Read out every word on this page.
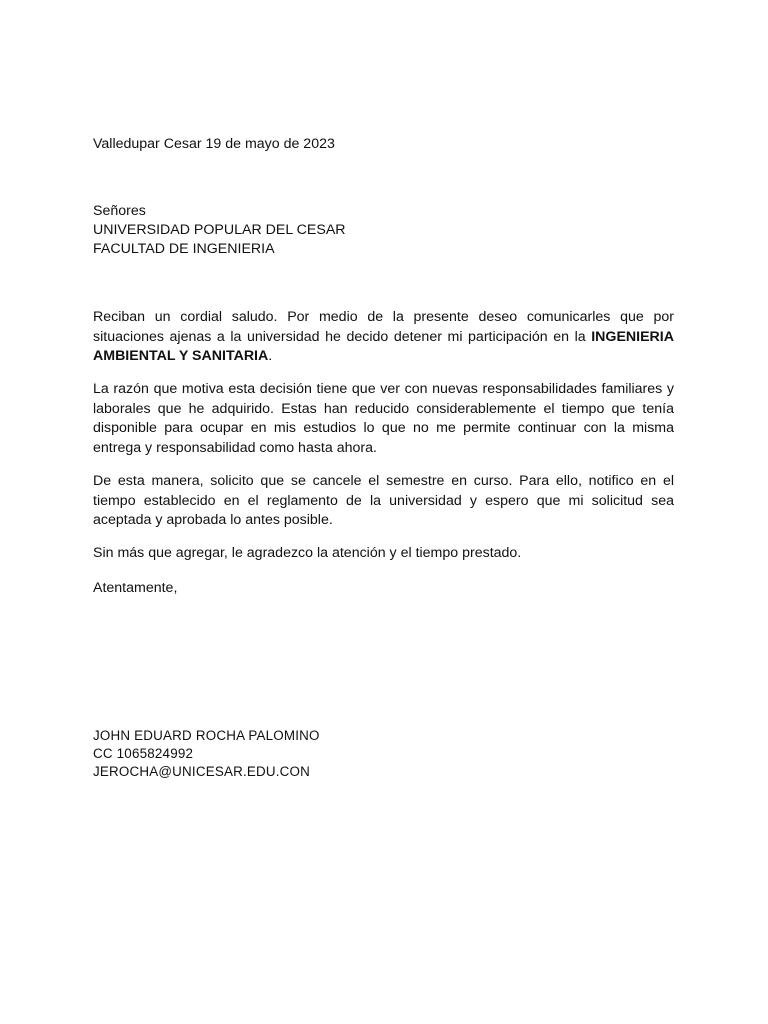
Valledupar Cesar 19 de mayo de 2023
Señores
UNIVERSIDAD POPULAR DEL CESAR
FACULTAD DE INGENIERIA
Reciban un cordial saludo. Por medio de la presente deseo comunicarles que por situaciones ajenas a la universidad he decido detener mi participación en la INGENIERIA AMBIENTAL Y SANITARIA.
La razón que motiva esta decisión tiene que ver con nuevas responsabilidades familiares y laborales que he adquirido. Estas han reducido considerablemente el tiempo que tenía disponible para ocupar en mis estudios lo que no me permite continuar con la misma entrega y responsabilidad como hasta ahora.
De esta manera, solicito que se cancele el semestre en curso. Para ello, notifico en el tiempo establecido en el reglamento de la universidad y espero que mi solicitud sea aceptada y aprobada lo antes posible.
Sin más que agregar, le agradezco la atención y el tiempo prestado.
Atentamente,
JOHN EDUARD ROCHA PALOMINO
CC 1065824992
JEROCHA@UNICESAR.EDU.CON
